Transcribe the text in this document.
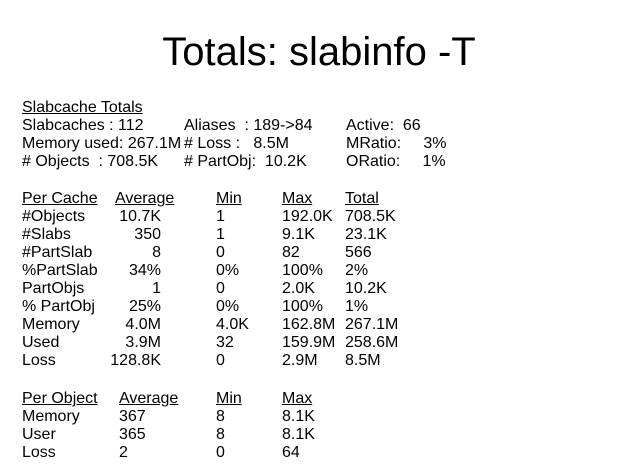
Totals: slabinfo -T
Slabcache Totals
Slabcaches : 112	Aliases  : 189->84 Active:  66
Memory used: 267.1M # Loss :   8.5M	MRatio:     3%
# Objects  : 708.5K # PartObj:  10.2K ORatio:     1%
Per Cache Average	Min	Max Total
#Objects 10.7K	1	192.0K 708.5K
#Slabs	350	1	9.1K 23.1K
#PartSlab	8	0	82	566
%PartSlab 34%	0%	100% 2%
PartObjs	1	0	2.0K 10.2K
% PartObj 25%	0%	100% 1%
Memory	4.0M	4.0K 162.8M 267.1M
Used	3.9M	32	159.9M 258.6M
Loss	128.8K	0	2.9M 8.5M
Per Object Average Min	Max
Memory 367	8	8.1K
User	365	8	8.1K
Loss	2	0	64
